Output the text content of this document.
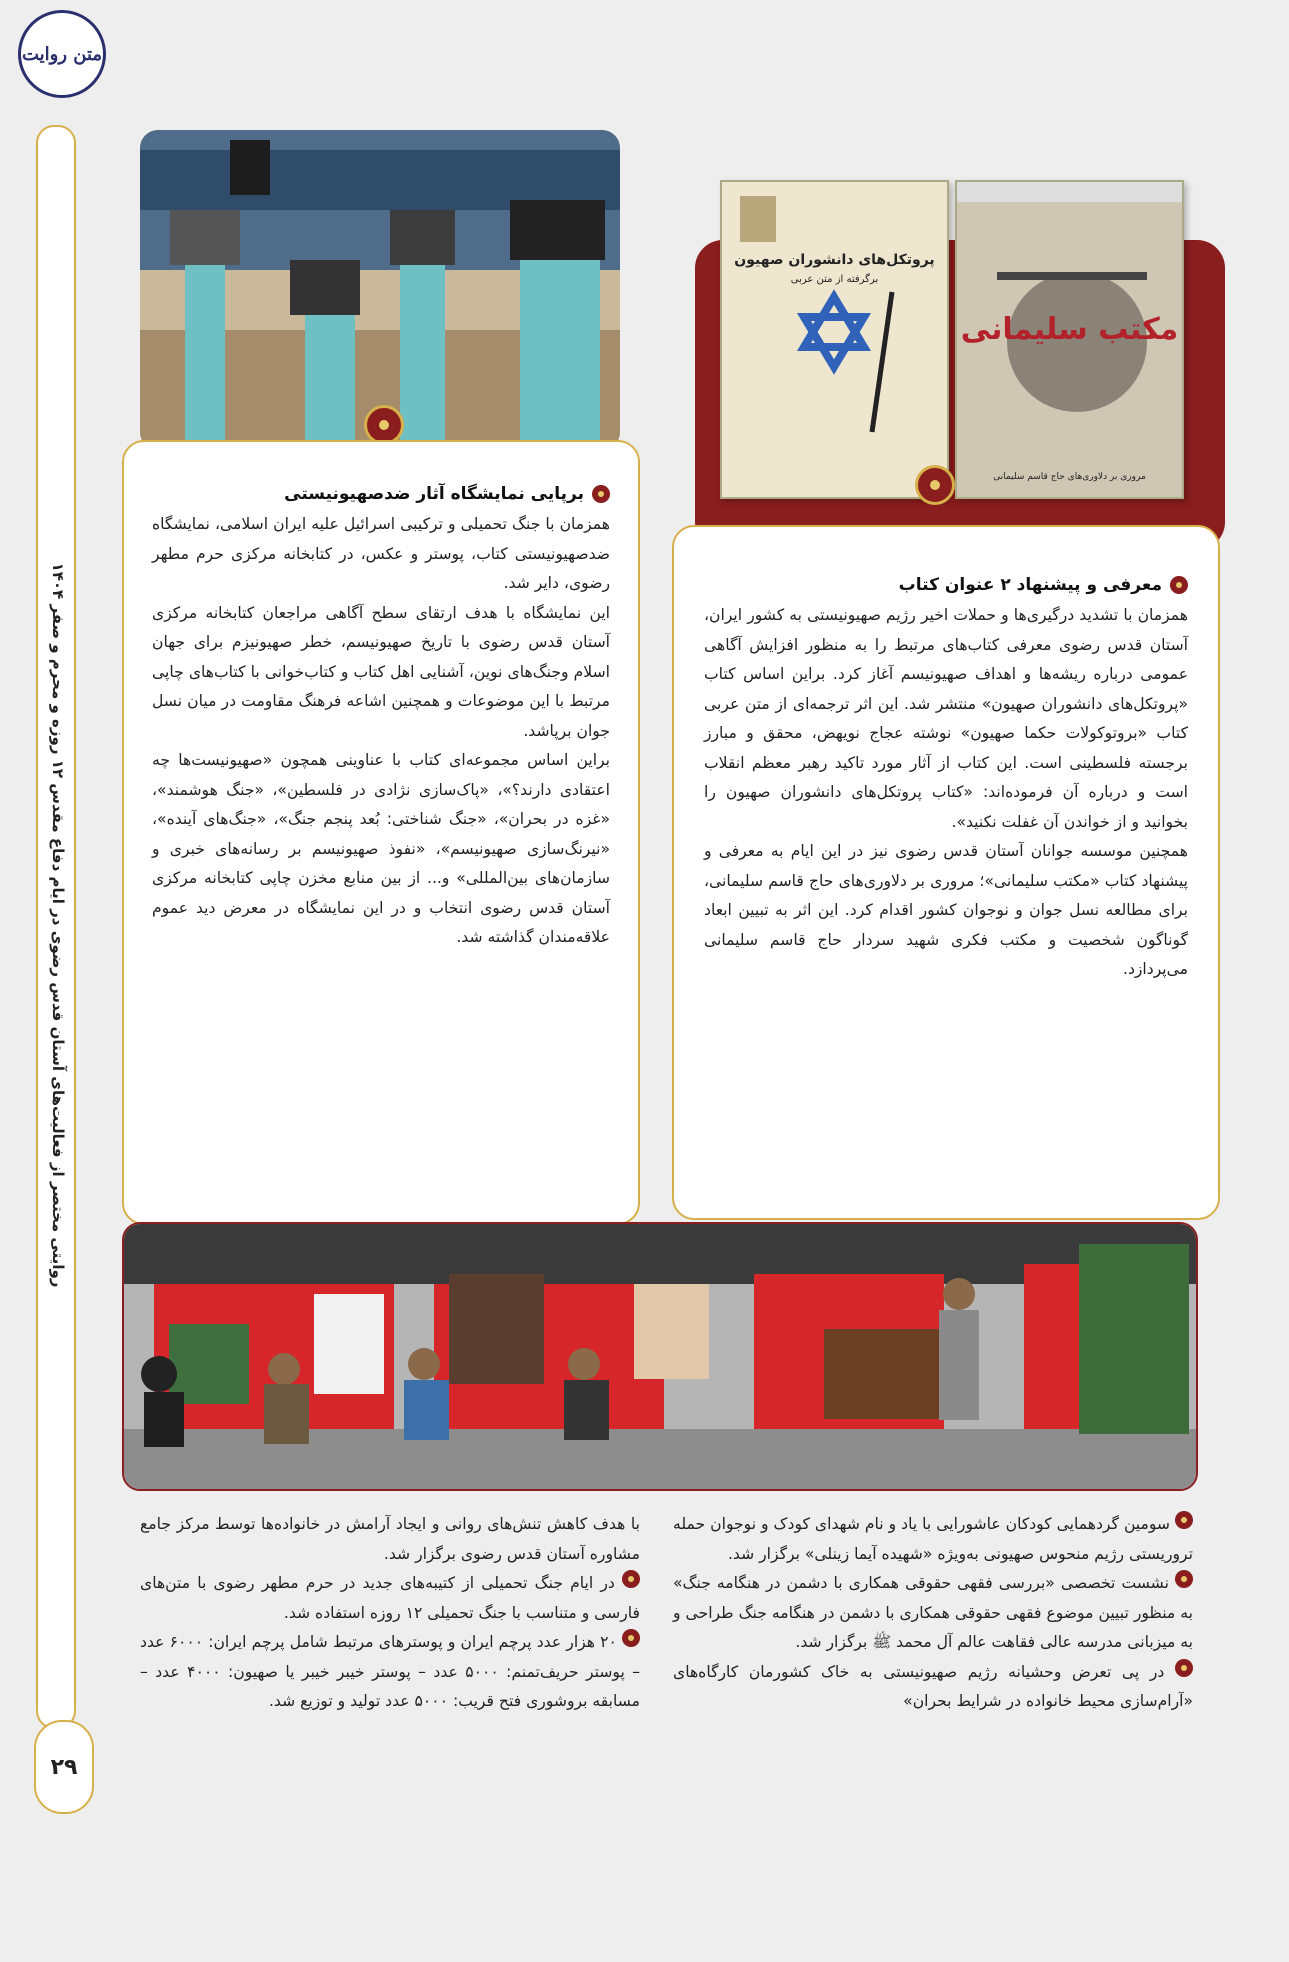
روایتی مختصر از فعالیت‌های آستان قدس رضوی در ایام دفاع مقدس ۱۲ روزه و محرم و صفر ۱۴۰۴
متن روایت
۲۹
پروتکل‌های دانشوران صهیون
برگرفته از متن عربی
مکتب سلیمانی
مروری بر دلاوری‌های حاج قاسم سلیمانی
برپایی نمایشگاه آثار ضدصهیونیستی

همزمان با جنگ تحمیلی و ترکیبی اسرائیل علیه ایران اسلامی، نمایشگاه ضدصهیونیستی کتاب، پوستر و عکس، در کتابخانه مرکزی حرم مطهر رضوی، دایر شد.

این نمایشگاه با هدف ارتقای سطح آگاهی مراجعان کتابخانه مرکزی آستان قدس رضوی با تاریخ صهیونیسم، خطر صهیونیزم برای جهان اسلام وجنگ‌های نوین، آشنایی اهل کتاب و کتاب‌خوانی با کتاب‌های چاپی مرتبط با این موضوعات و همچنین اشاعه فرهنگ مقاومت در میان نسل جوان برپاشد.

براین اساس مجموعه‌ای کتاب با عناوینی همچون «صهیونیست‌ها چه اعتقادی دارند؟»، «پاک‌سازی نژادی در فلسطین»، «جنگ هوشمند»، «غزه در بحران»، «جنگ شناختی: بُعد پنجم جنگ»، «جنگ‌های آینده»، «نیرنگ‌سازی صهیونیسم»، «نفوذ صهیونیسم بر رسانه‌های خبری و سازمان‌های بین‌المللی» و... از بین منابع مخزن چاپی کتابخانه مرکزی آستان قدس رضوی انتخاب و در این نمایشگاه در معرض دید عموم علاقه‌مندان گذاشته شد.

معرفی و پیشنهاد ۲ عنوان کتاب

همزمان با تشدید درگیری‌ها و حملات اخیر رژیم صهیونیستی به کشور ایران، آستان قدس رضوی معرفی کتاب‌های مرتبط را به منظور افزایش آگاهی عمومی درباره ریشه‌ها و اهداف صهیونیسم آغاز کرد. براین اساس کتاب «پروتکل‌های دانشوران صهیون» منتشر شد. این اثر ترجمه‌ای از متن عربی کتاب «بروتوکولات حکما صهیون» نوشته عجاج نویهض، محقق و مبارز برجسته فلسطینی است. این کتاب از آثار مورد تاکید رهبر معظم انقلاب است و درباره آن فرموده‌اند: «کتاب پروتکل‌های دانشوران صهیون را بخوانید و از خواندن آن غفلت نکنید».

همچنین موسسه جوانان آستان قدس رضوی نیز در این ایام به معرفی و پیشنهاد کتاب «مکتب سلیمانی»؛ مروری بر دلاوری‌های حاج قاسم سلیمانی، برای مطالعه نسل جوان و نوجوان کشور اقدام کرد. این اثر به تبیین ابعاد گوناگون شخصیت و مکتب فکری شهید سردار حاج قاسم سلیمانی می‌پردازد.

سومین گردهمایی کودکان عاشورایی با یاد و نام شهدای کودک و نوجوان حمله تروریستی رژیم منحوس صهیونی به‌ویژه «شهیده آیما زینلی» برگزار شد.

نشست تخصصی «بررسی فقهی حقوقی همکاری با دشمن در هنگامه جنگ» به منظور تبیین موضوع فقهی حقوقی همکاری با دشمن در هنگامه جنگ طراحی و به میزبانی مدرسه عالی فقاهت عالم آل محمد ﷺ برگزار شد.

در پی تعرض وحشیانه رژیم صهیونیستی به خاک کشورمان کارگاه‌های «آرام‌سازی محیط خانواده در شرایط بحران»

با هدف کاهش تنش‌های روانی و ایجاد آرامش در خانواده‌ها توسط مرکز جامع مشاوره آستان قدس رضوی برگزار شد.

در ایام جنگ تحمیلی از کتیبه‌های جدید در حرم مطهر رضوی با متن‌های فارسی و متناسب با جنگ تحمیلی ۱۲ روزه استفاده شد.

۲۰ هزار عدد پرچم ایران و پوسترهای مرتبط شامل پرچم ایران: ۶۰۰۰ عدد – پوستر حریف‌تمنم: ۵۰۰۰ عدد – پوستر خیبر خیبر یا صهیون: ۴۰۰۰ عدد – مسابقه بروشوری فتح قریب: ۵۰۰۰ عدد تولید و توزیع شد.
